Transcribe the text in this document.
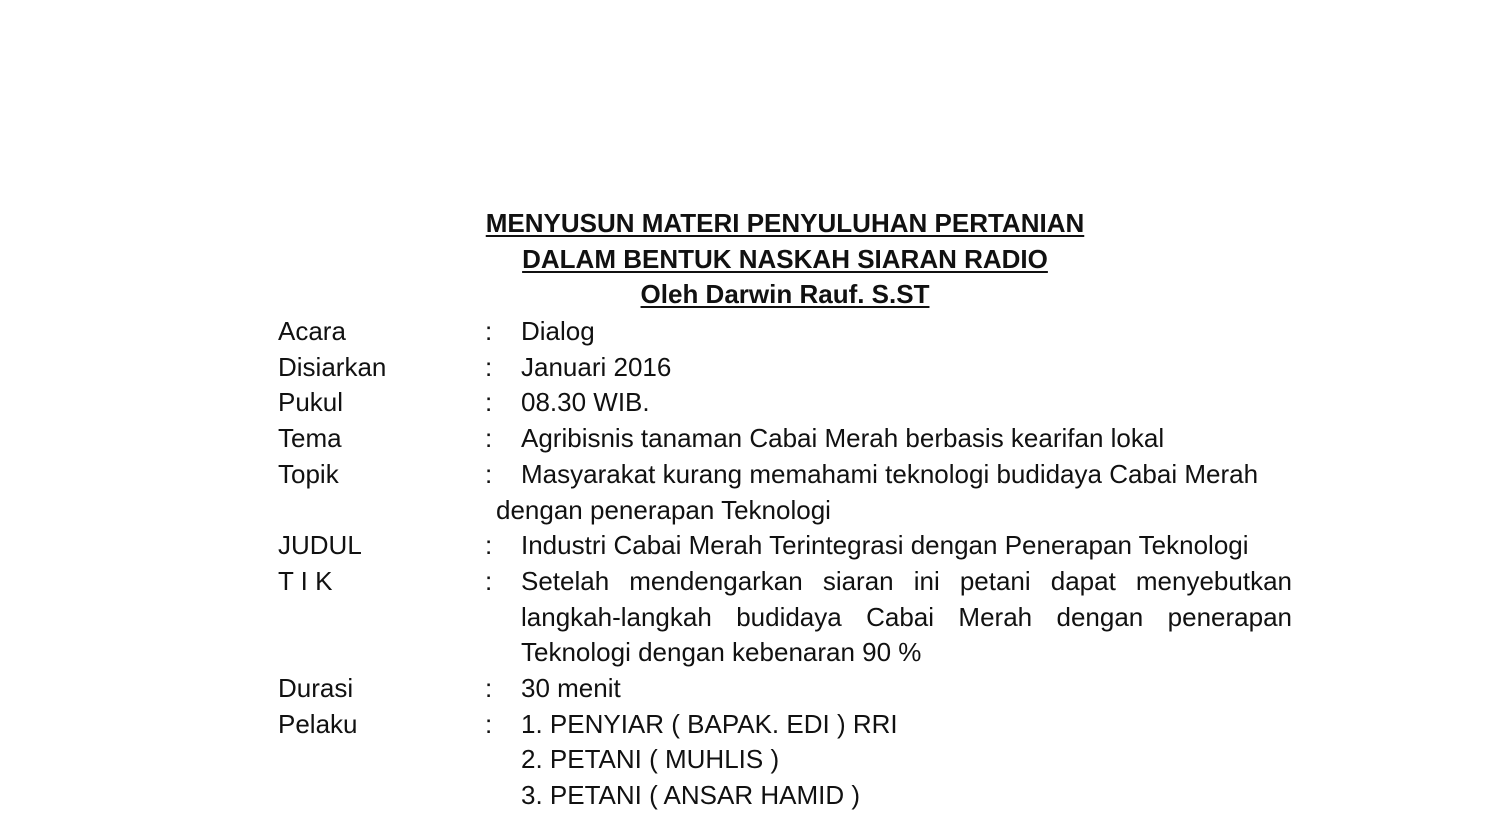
MENYUSUN MATERI PENYULUHAN PERTANIAN
DALAM BENTUK NASKAH SIARAN RADIO
Oleh Darwin Rauf. S.ST
Acara	: Dialog
Disiarkan	: Januari 2016
Pukul	: 08.30 WIB.
Tema	: Agribisnis tanaman Cabai Merah berbasis kearifan lokal
Topik	: Masyarakat kurang memahami teknologi budidaya Cabai Merah
dengan penerapan Teknologi
JUDUL	: Industri Cabai Merah Terintegrasi dengan Penerapan Teknologi
T I K	: Setelah mendengarkan siaran ini petani dapat menyebutkan langkah-langkah budidaya Cabai Merah dengan penerapan Teknologi dengan kebenaran 90 %
Durasi	: 30 menit
Pelaku	: 1. PENYIAR ( BAPAK. EDI ) RRI
2. PETANI ( MUHLIS )
3. PETANI ( ANSAR HAMID )
